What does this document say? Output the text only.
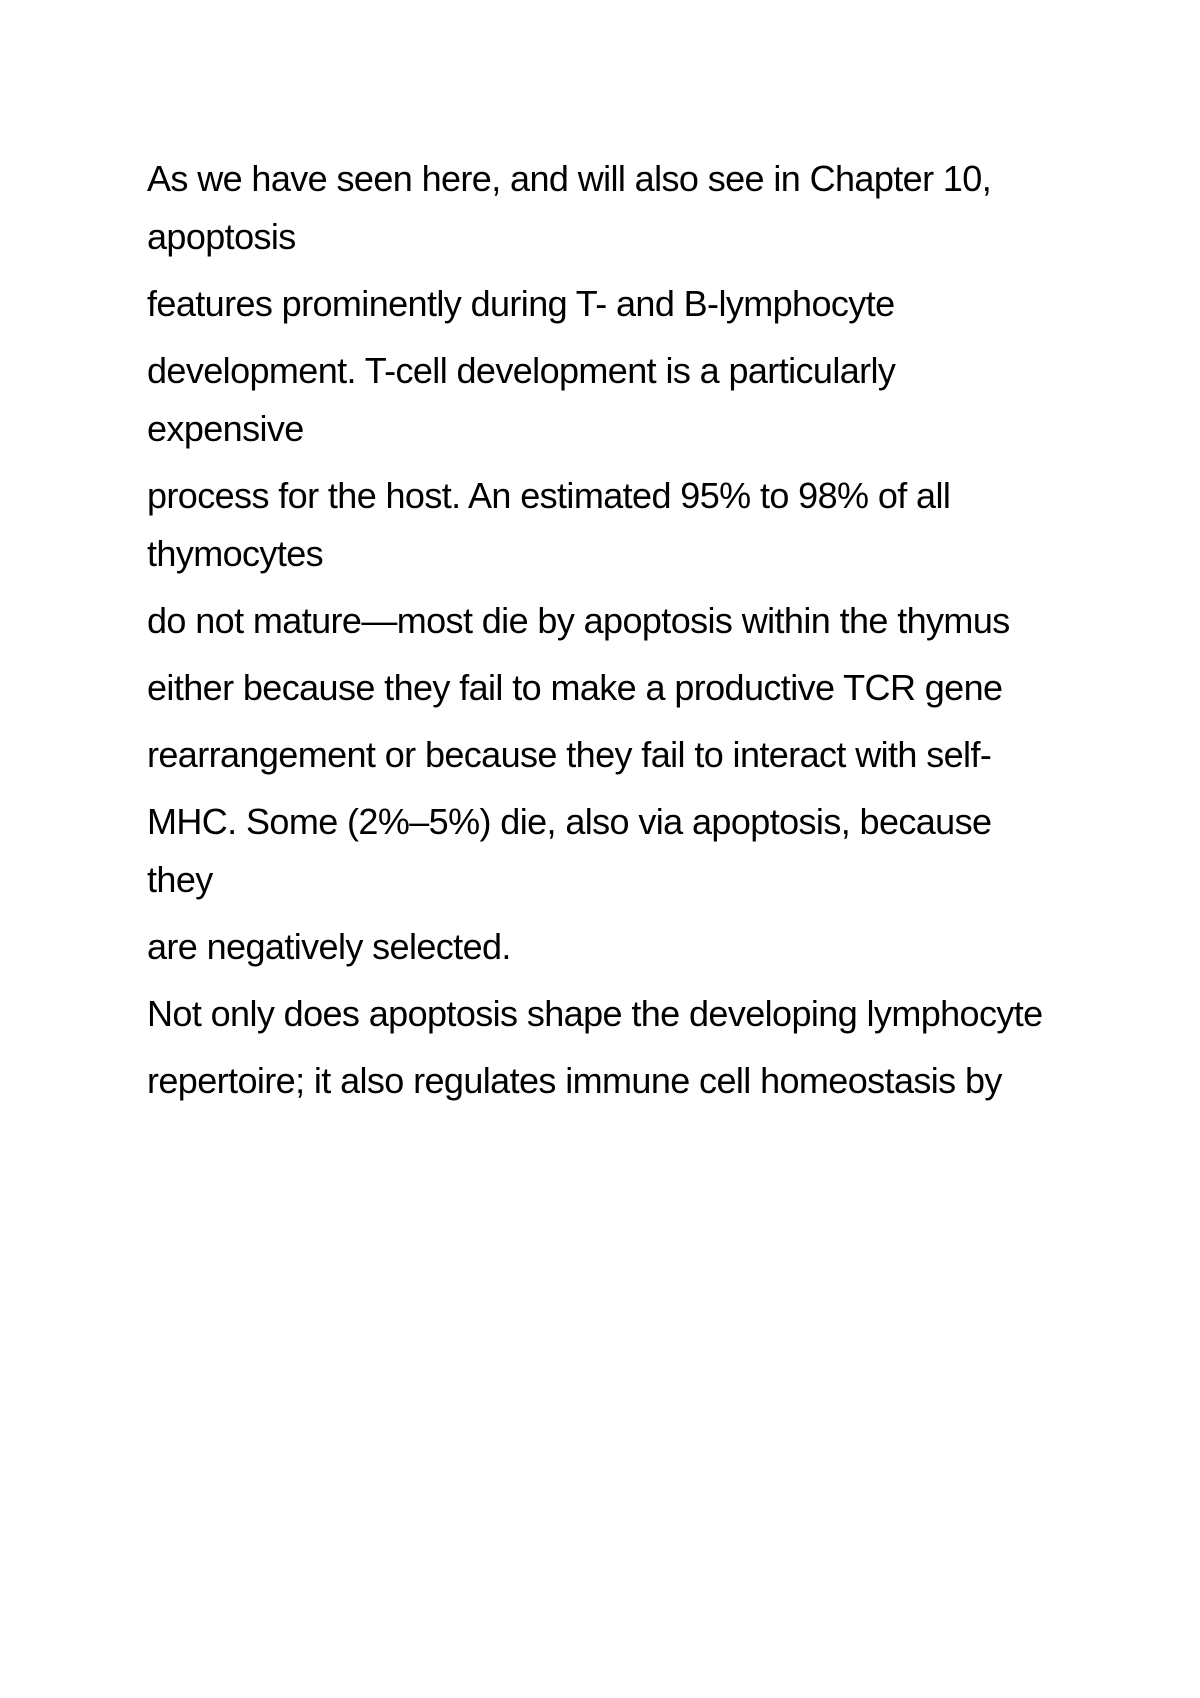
As we have seen here, and will also see in Chapter 10, apoptosis

features prominently during T- and B-lymphocyte

development. T-cell development is a particularly expensive

process for the host. An estimated 95% to 98% of all thymocytes

do not mature—most die by apoptosis within the thymus

either because they fail to make a productive TCR gene

rearrangement or because they fail to interact with self-

MHC. Some (2%–5%) die, also via apoptosis, because they

are negatively selected.

Not only does apoptosis shape the developing lymphocyte

repertoire; it also regulates immune cell homeostasis by
